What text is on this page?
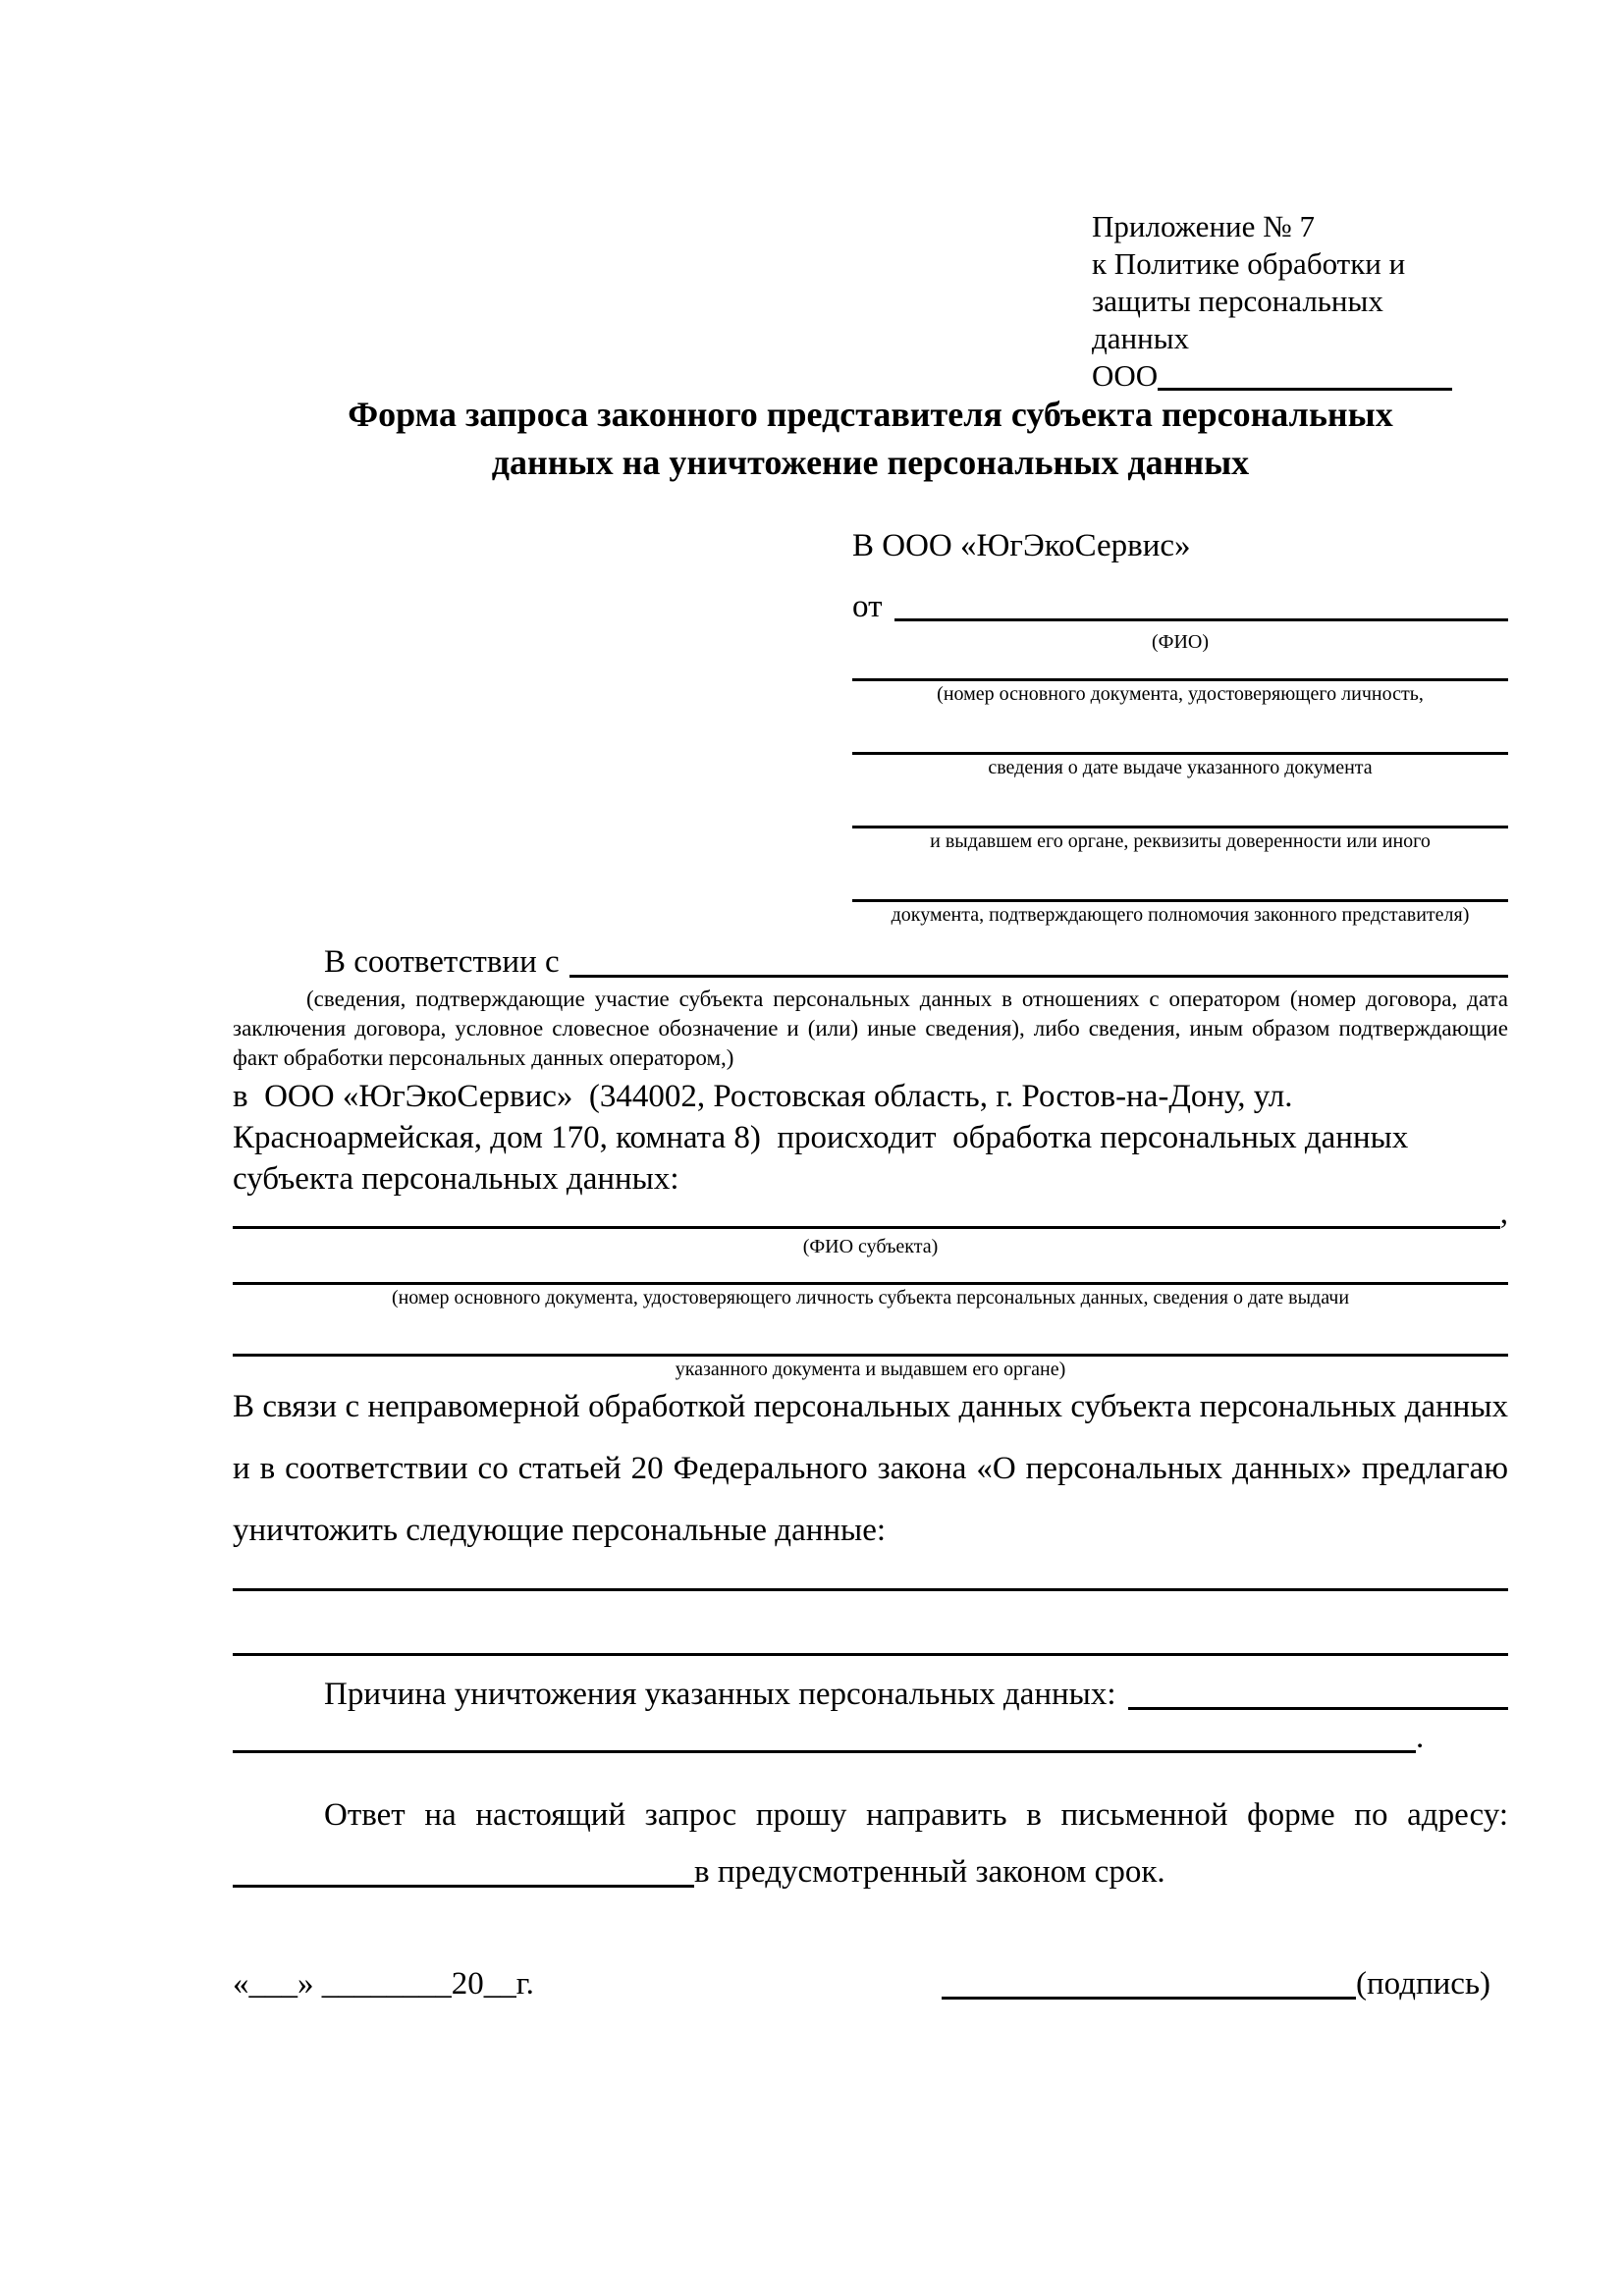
Приложение № 7
к Политике обработки и
защиты персональных данных
ООО
Форма запроса законного представителя субъекта персональных
данных на уничтожение персональных данных
В ООО «ЮгЭкоСервис»
от
(ФИО)
(номер основного документа, удостоверяющего личность,
сведения о дате выдаче указанного документа
и выдавшем его органе, реквизиты доверенности или иного
документа, подтверждающего полномочия законного представителя)
В соответствии с
(сведения, подтверждающие участие субъекта персональных данных в отношениях с оператором (номер договора, дата заключения договора, условное словесное обозначение и (или) иные сведения), либо сведения, иным образом подтверждающие факт обработки персональных данных оператором,)
в  ООО «ЮгЭкоСервис»  (344002, Ростовская область, г. Ростов-на-Дону, ул.
Красноармейская, дом 170, комната 8)  происходит  обработка персональных данных
субъекта персональных данных:
,
(ФИО субъекта)
(номер основного документа, удостоверяющего личность субъекта персональных данных, сведения о дате выдачи
указанного документа и выдавшем его органе)
В связи с неправомерной обработкой персональных данных субъекта персональных данных
и в соответствии со статьей 20 Федерального закона «О персональных данных» предлагаю
уничтожить следующие персональные данные:
Причина уничтожения указанных персональных данных:
.
Ответ на настоящий запрос прошу направить в письменной форме по адресу:
в предусмотренный законом срок.
«___» ________20__г.	(подпись)
